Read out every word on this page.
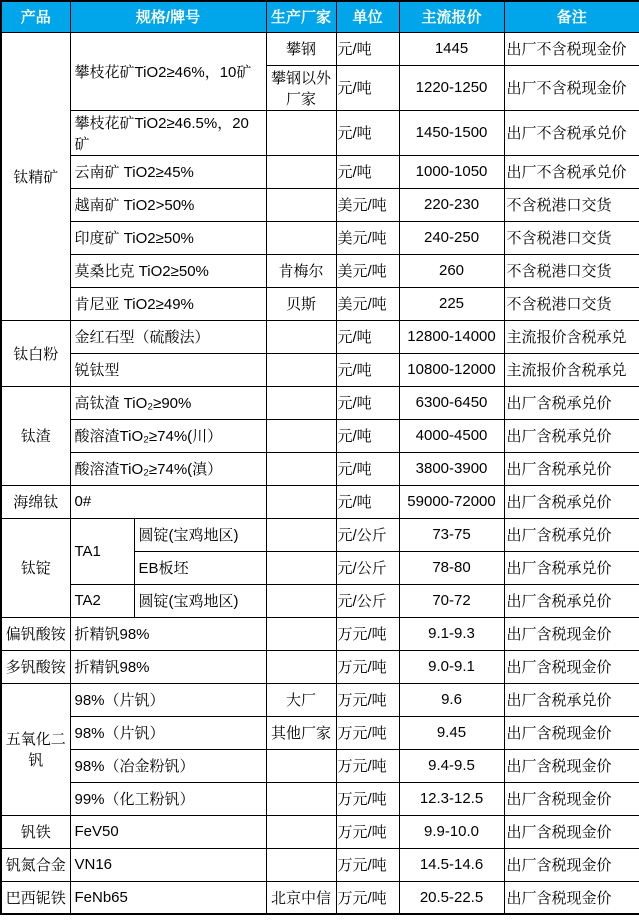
产品	规格/牌号		生产厂家	单位	主流报价	备注
钛精矿	攀枝花矿TiO2≥46%，10矿		攀钢	元/吨	1445	出厂不含税现金价
			攀钢以外厂家	元/吨	1220-1250	出厂不含税现金价
	攀枝花矿TiO2≥46.5%，20矿			元/吨	1450-1500	出厂不含税承兑价
	云南矿 TiO2≥45%			元/吨	1000-1050	出厂不含税承兑价
	越南矿 TiO2>50%			美元/吨	220-230	不含税港口交货
	印度矿 TiO2≥50%			美元/吨	240-250	不含税港口交货
	莫桑比克 TiO2≥50%		肯梅尔	美元/吨	260	不含税港口交货
	肯尼亚 TiO2≥49%		贝斯	美元/吨	225	不含税港口交货
钛白粉	金红石型（硫酸法）			元/吨	12800-14000	主流报价含税承兑
	锐钛型			元/吨	10800-12000	主流报价含税承兑
钛渣	高钛渣 TiO₂≥90%			元/吨	6300-6450	出厂含税承兑价
	酸溶渣TiO₂≥74%(川）			元/吨	4000-4500	出厂含税承兑价
	酸溶渣TiO₂≥74%(滇）			元/吨	3800-3900	出厂含税承兑价
海绵钛	0#			元/吨	59000-72000	出厂含税承兑价
钛锭	TA1	圆锭(宝鸡地区)		元/公斤	73-75	出厂含税承兑价
		EB板坯		元/公斤	78-80	出厂含税承兑价
	TA2	圆锭(宝鸡地区)		元/公斤	70-72	出厂含税承兑价
偏钒酸铵	折精钒98%			万元/吨	9.1-9.3	出厂含税现金价
多钒酸铵	折精钒98%			万元/吨	9.0-9.1	出厂含税现金价
五氧化二钒	98%（片钒）		大厂	万元/吨	9.6	出厂含税承兑价
	98%（片钒）		其他厂家	万元/吨	9.45	出厂含税现金价
	98%（冶金粉钒）			万元/吨	9.4-9.5	出厂含税现金价
	99%（化工粉钒）			万元/吨	12.3-12.5	出厂含税现金价
钒铁	FeV50			万元/吨	9.9-10.0	出厂含税现金价
钒氮合金	VN16			万元/吨	14.5-14.6	出厂含税现金价
巴西铌铁	FeNb65		北京中信	万元/吨	20.5-22.5	出厂含税现金价
